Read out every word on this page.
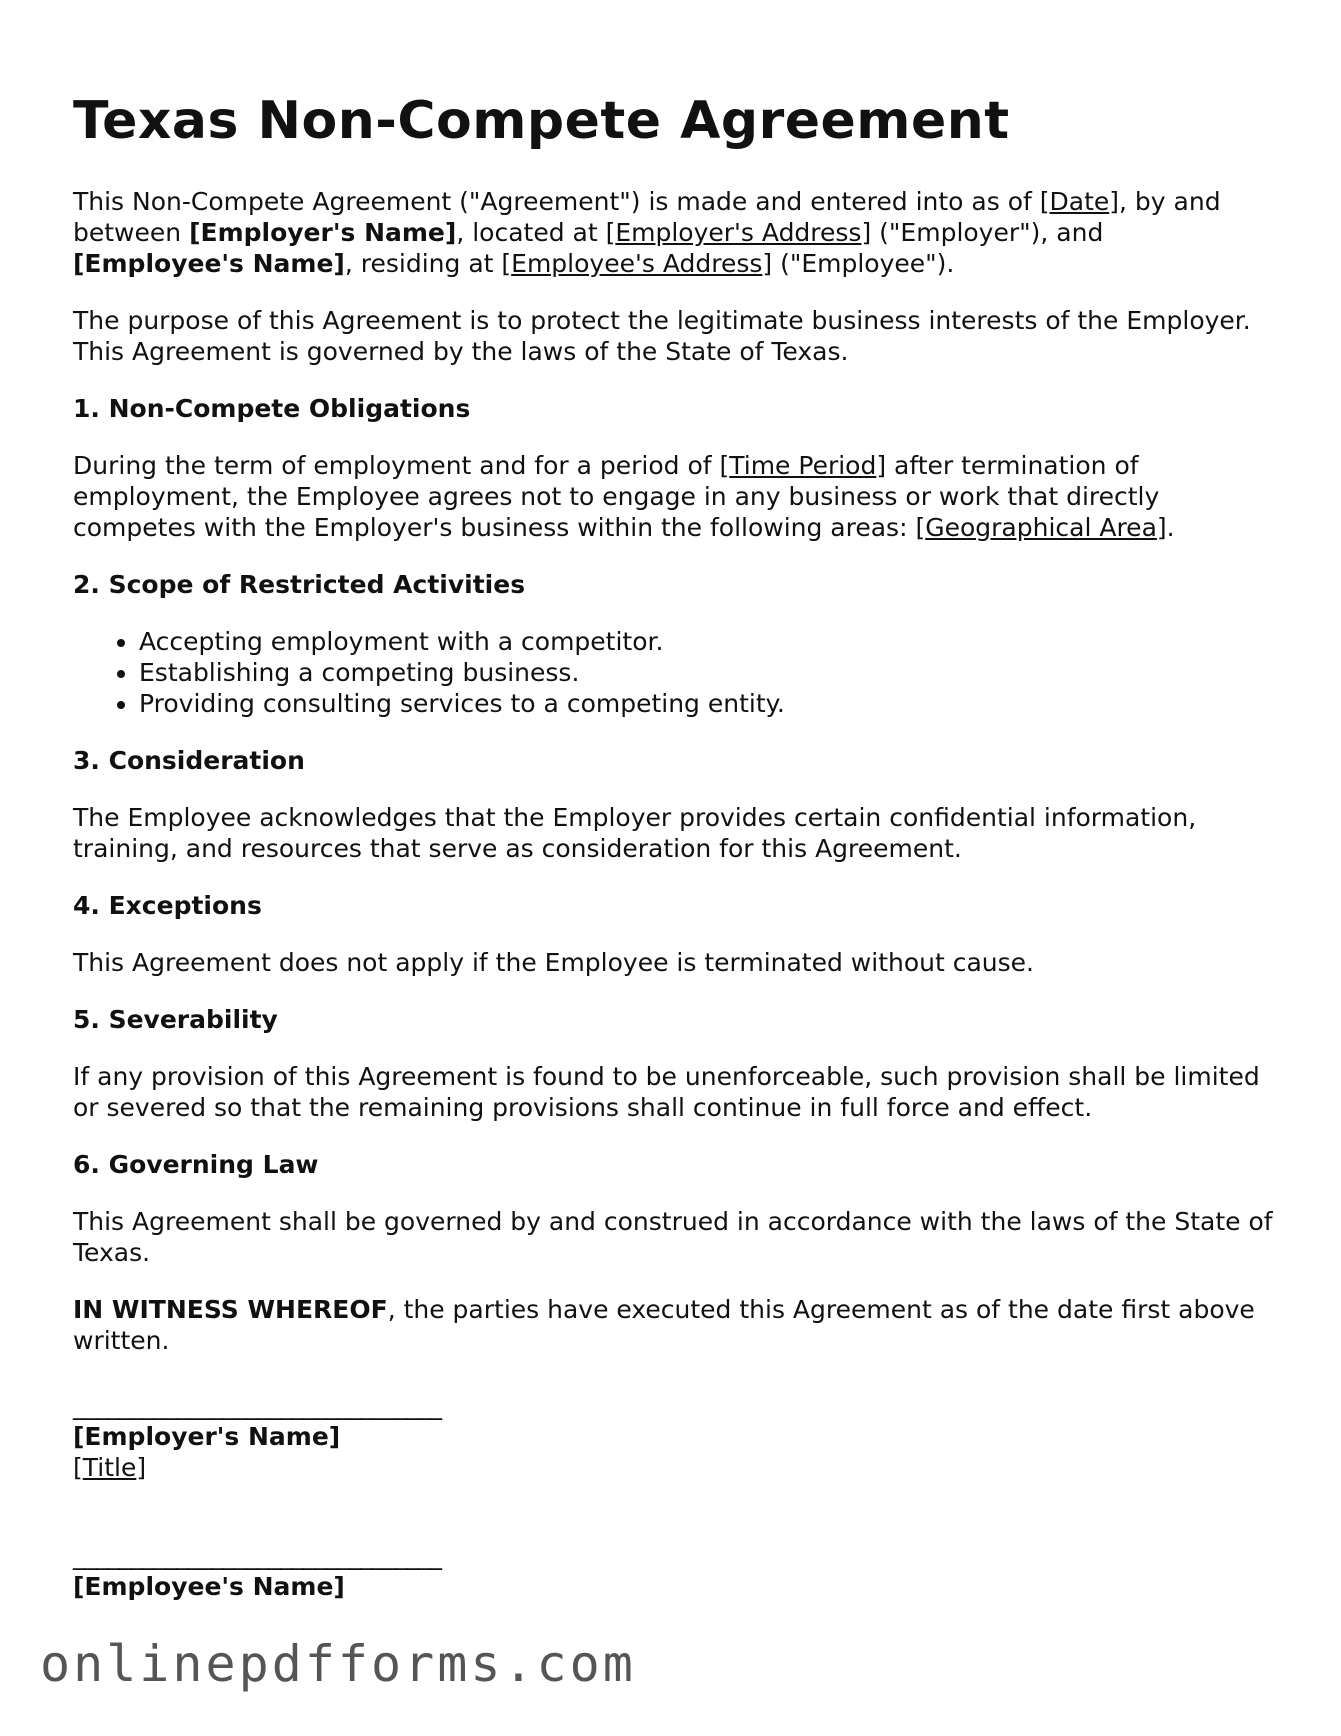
Texas Non-Compete Agreement

This Non-Compete Agreement ("Agreement") is made and entered into as of [Date], by and between [Employer's Name], located at [Employer's Address] ("Employer"), and [Employee's Name], residing at [Employee's Address] ("Employee").

The purpose of this Agreement is to protect the legitimate business interests of the Employer. This Agreement is governed by the laws of the State of Texas.

1. Non-Compete Obligations

During the term of employment and for a period of [Time Period] after termination of employment, the Employee agrees not to engage in any business or work that directly competes with the Employer's business within the following areas: [Geographical Area].

2. Scope of Restricted Activities
• Accepting employment with a competitor.
• Establishing a competing business.
• Providing consulting services to a competing entity.
3. Consideration

The Employee acknowledges that the Employer provides certain confidential information, training, and resources that serve as consideration for this Agreement.

4. Exceptions

This Agreement does not apply if the Employee is terminated without cause.

5. Severability

If any provision of this Agreement is found to be unenforceable, such provision shall be limited or severed so that the remaining provisions shall continue in full force and effect.

6. Governing Law

This Agreement shall be governed by and construed in accordance with the laws of the State of Texas.

IN WITNESS WHEREOF, the parties have executed this Agreement as of the date first above written.

________________________________
[Employer's Name]
[Title]
________________________________
[Employee's Name]
onlinepdfforms.com
